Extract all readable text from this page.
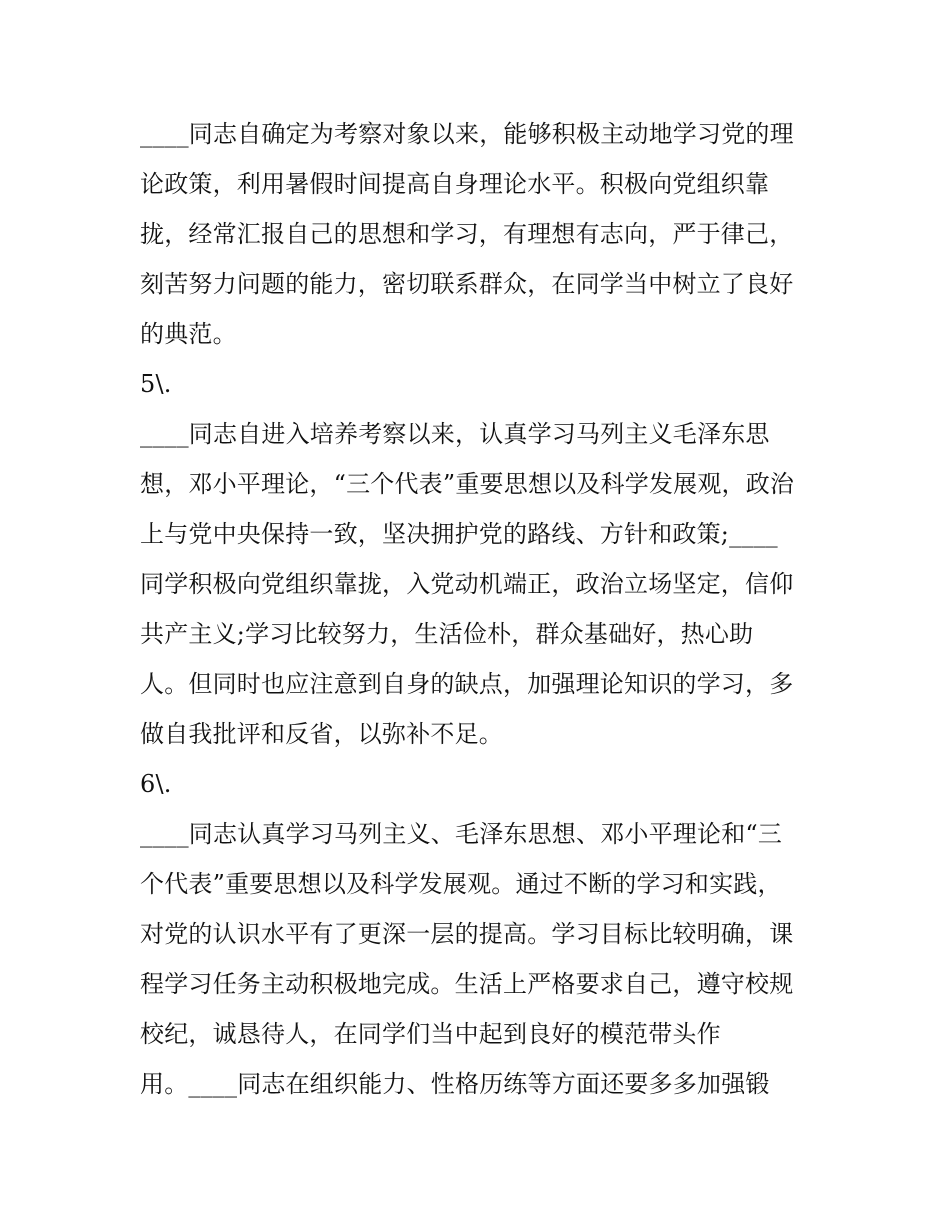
____同志自确定为考察对象以来，能够积极主动地学习党的理
论政策，利用暑假时间提高自身理论水平。积极向党组织靠
拢，经常汇报自己的思想和学习，有理想有志向，严于律己，
刻苦努力问题的能力，密切联系群众，在同学当中树立了良好
的典范。
5\.
____同志自进入培养考察以来，认真学习马列主义毛泽东思
想，邓小平理论，“三个代表”重要思想以及科学发展观，政治
上与党中央保持一致，坚决拥护党的路线、方针和政策;____
同学积极向党组织靠拢，入党动机端正，政治立场坚定，信仰
共产主义;学习比较努力，生活俭朴，群众基础好，热心助
人。但同时也应注意到自身的缺点，加强理论知识的学习，多
做自我批评和反省，以弥补不足。
6\.
____同志认真学习马列主义、毛泽东思想、邓小平理论和“三
个代表”重要思想以及科学发展观。通过不断的学习和实践，
对党的认识水平有了更深一层的提高。学习目标比较明确，课
程学习任务主动积极地完成。生活上严格要求自己，遵守校规
校纪，诚恳待人，在同学们当中起到良好的模范带头作
用。____同志在组织能力、性格历练等方面还要多多加强锻
